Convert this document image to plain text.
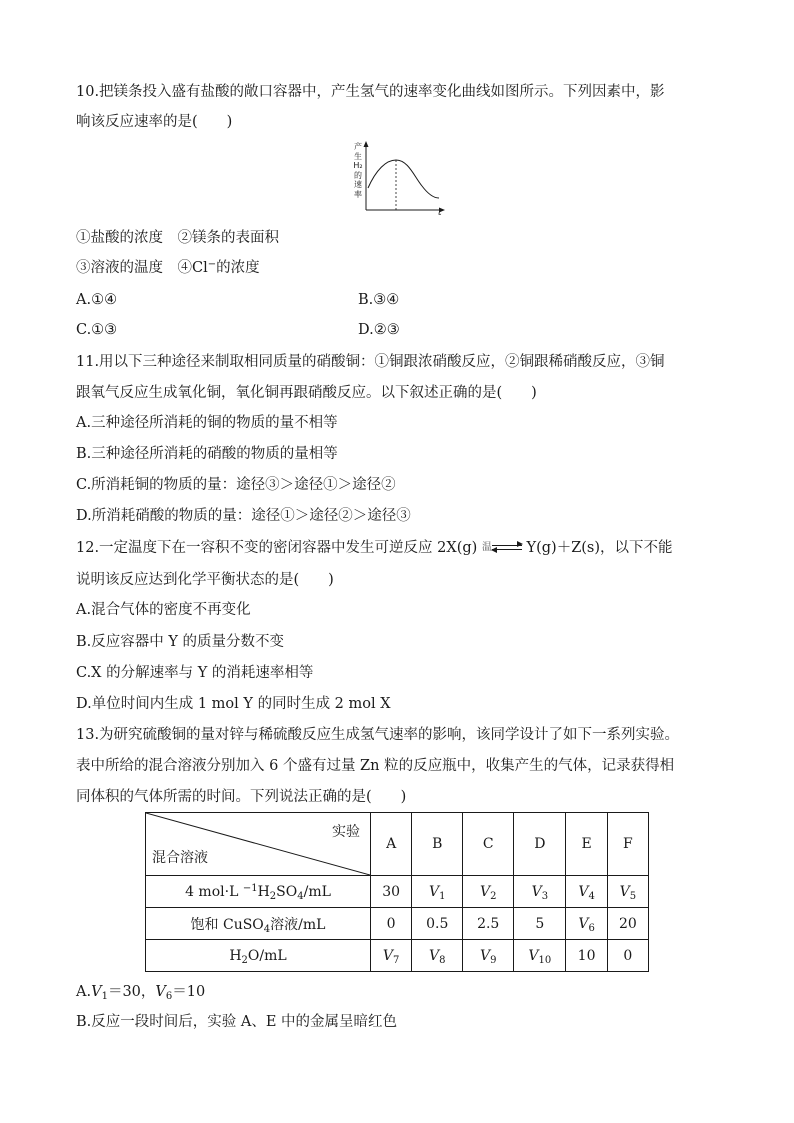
10.把镁条投入盛有盐酸的敞口容器中，产生氢气的速率变化曲线如图所示。下列因素中，影
响该反应速率的是(　　)
产
生
H₂
的
速
率
t
①盐酸的浓度　②镁条的表面积
③溶液的温度　④Cl−的浓度
A.①④	B.③④
C.①③	D.②③
11.用以下三种途径来制取相同质量的硝酸铜：①铜跟浓硝酸反应，②铜跟稀硝酸反应，③铜
跟氧气反应生成氧化铜，氧化铜再跟硝酸反应。以下叙述正确的是(　　)
A.三种途径所消耗的铜的物质的量不相等
B.三种途径所消耗的硝酸的物质的量相等
C.所消耗铜的物质的量：途径③＞途径①＞途径②
D.所消耗硝酸的物质的量：途径①＞途径②＞途径③
12.一定温度下在一容积不变的密闭容器中发生可逆反应 2X(g) 温 Y(g)＋Z(s)，以下不能
说明该反应达到化学平衡状态的是(　　)
A.混合气体的密度不再变化
B.反应容器中 Y 的质量分数不变
C.X 的分解速率与 Y 的消耗速率相等
D.单位时间内生成 1 mol Y 的同时生成 2 mol X
13.为研究硫酸铜的量对锌与稀硫酸反应生成氢气速率的影响，该同学设计了如下一系列实验。
表中所给的混合溶液分别加入 6 个盛有过量 Zn 粒的反应瓶中，收集产生的气体，记录获得相
同体积的气体所需的时间。下列说法正确的是(　　)
实验
混合溶液	A	B	C	D	E	F
4 mol·L $^{-1}H_2SO_4/mL$	30	$V_1$	$V_2$	$V_3$	$V_4$	$V_5$
饱和 CuSO$_4$溶液/mL	0	0.5	2.5	5	$V_6$	20
$H_2O/mL$	$V_7$	$V_8$	$V_9$	$V_{10}$	10	0
$A.V_1=30$，$V_6=10$
B.反应一段时间后，实验 A、E 中的金属呈暗红色
